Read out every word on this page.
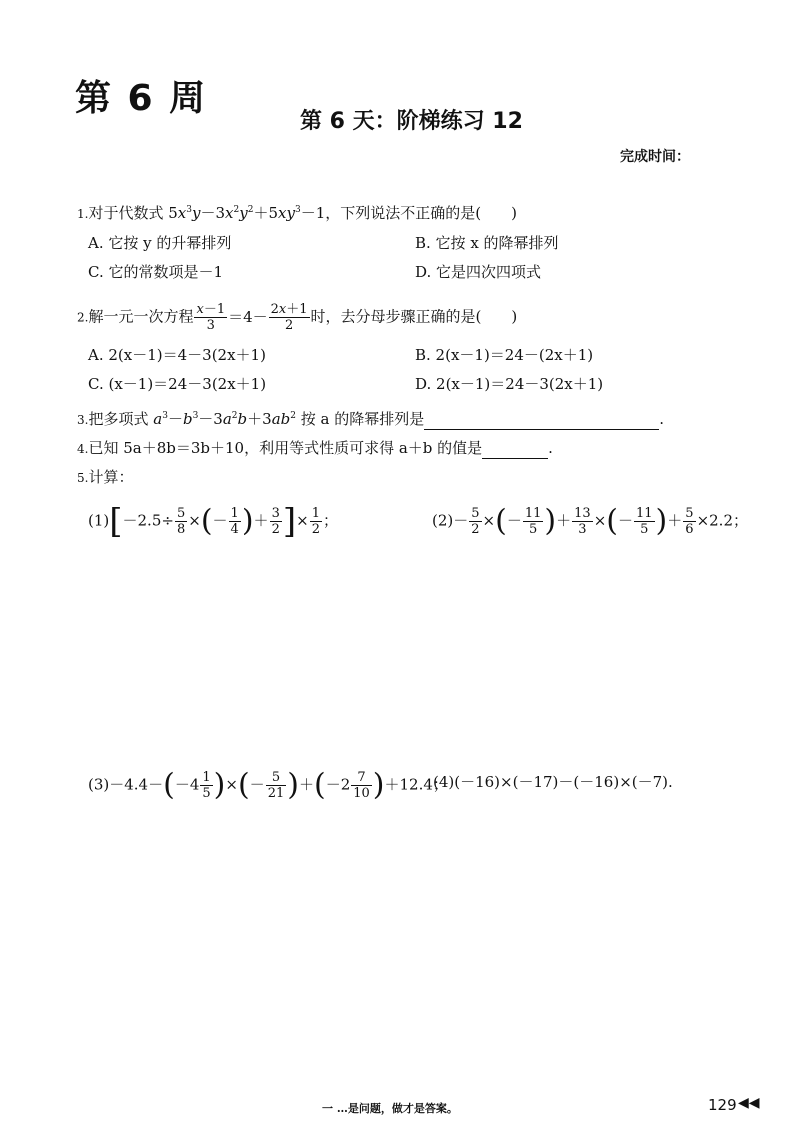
第 6 周
第 6 天：阶梯练习 12
完成时间：
1.对于代数式 $5x^3y-3x^2y^2+5xy^3-1$，下列说法不正确的是(　　)
A. 它按 y 的升幂排列	B. 它按 x 的降幂排列
C. 它的常数项是－1	D. 它是四次四项式
2.解一元一次方程 $\frac{x-1}{3} =4- \frac{2x+1}{2}$ 时，去分母步骤正确的是(　　)
A. 2(x－1)＝4－3(2x＋1)	B. 2(x－1)＝24－(2x＋1)
C. (x－1)＝24－3(2x＋1)	D. 2(x－1)＝24－3(2x＋1)
3.把多项式 $a^3-b^3-3a^2b+3ab^2$ 按 a 的降幂排列是	.
4.已知 5a＋8b＝3b＋10，利用等式性质可求得 a＋b 的值是	.
5.计算：
$(1)[-2.5\div \frac{5}{8}$ ×(－ $\frac{1}{4}$ )＋ $\frac{3}{2}$ ]× $\frac{1}{2}$ ；	$(2)- \frac{5}{2}$ ×(－ $\frac{11}{5}$ )＋ $\frac{13}{3}$ ×(－ $\frac{11}{5}$ )＋ $\frac{5}{6} \times 2.2$；
$(3)-4.4-(-4 \frac{1}{5}$ )×(－ $\frac{5}{21} )+(-2 \frac{7}{10} )+12.4$；
(4)(－16)×(－17)－(－16)×(－7).
一 …是问题，做才是答案。	129 ◀◀
